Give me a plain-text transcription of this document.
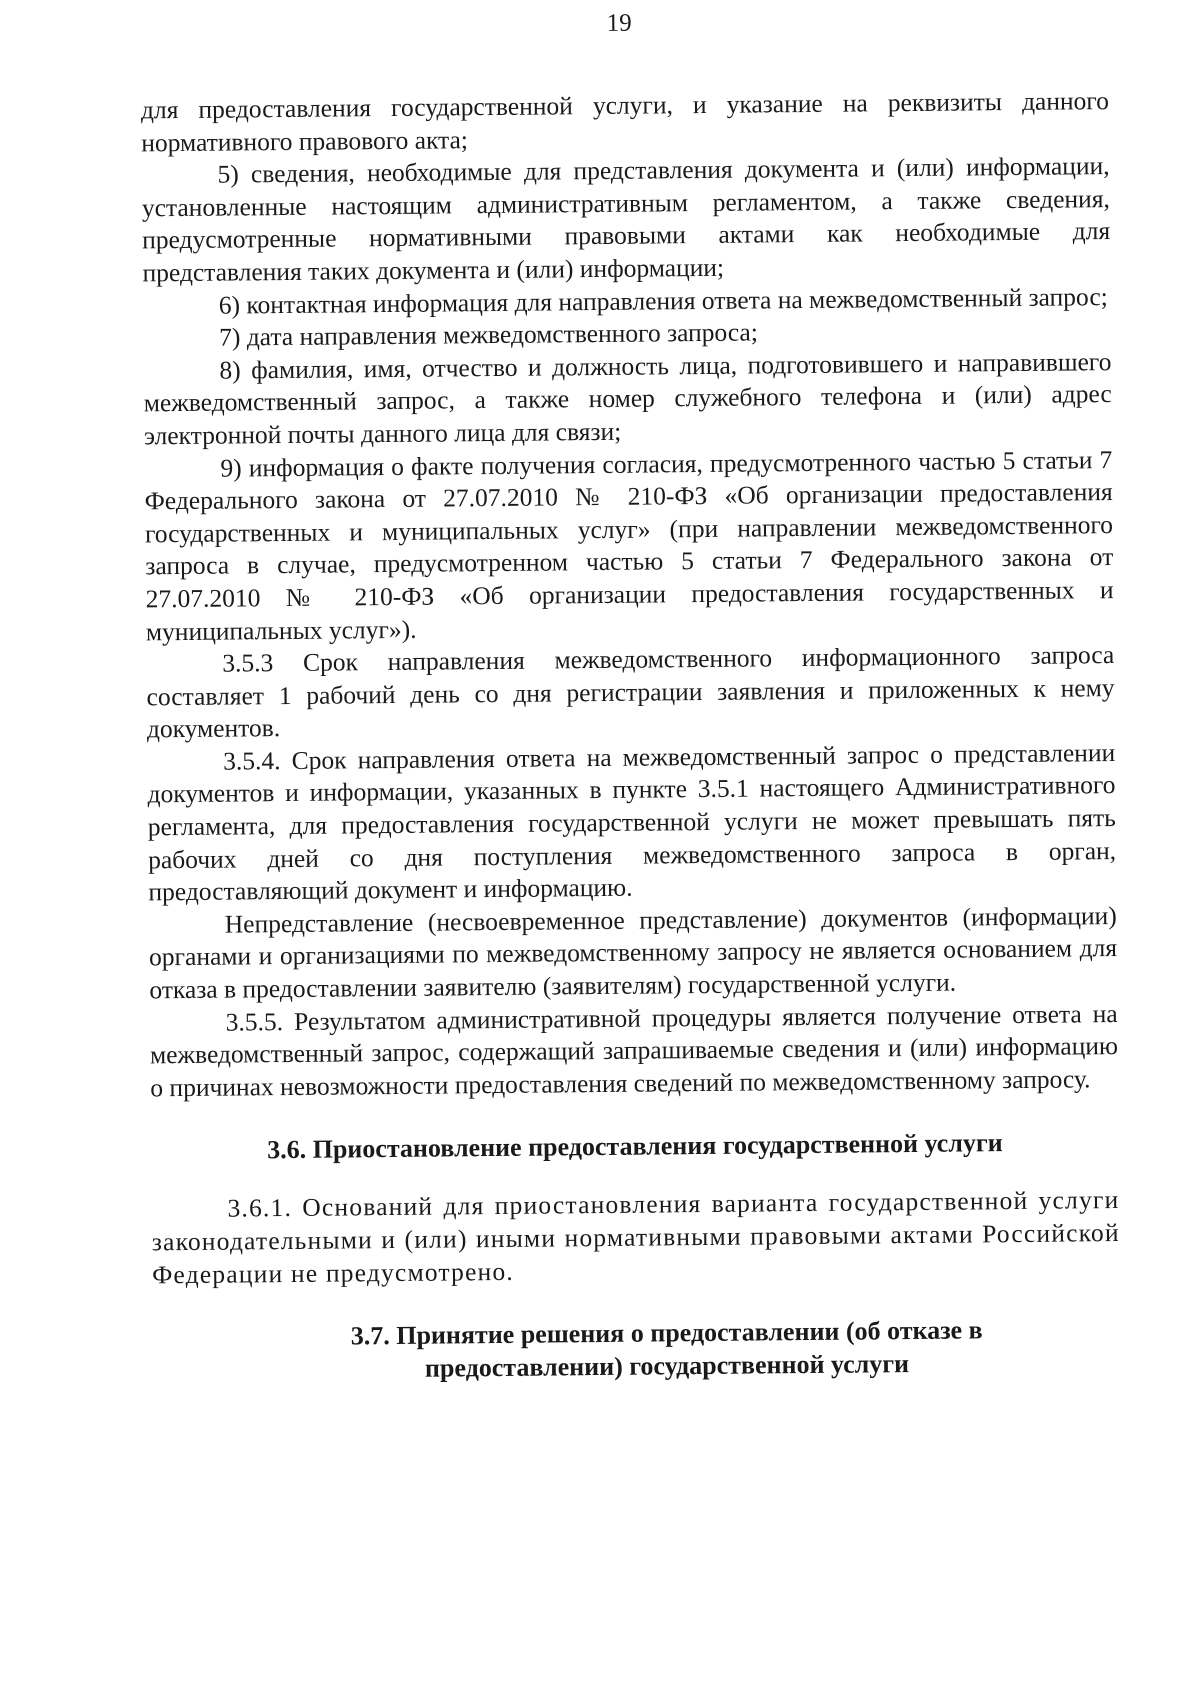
19

для предоставления государственной услуги, и указание на реквизиты данного нормативного правового акта;

5) сведения, необходимые для представления документа и (или) информации, установленные настоящим административным регламентом, а также сведения, предусмотренные нормативными правовыми актами как необходимые для представления таких документа и (или) информации;

6) контактная информация для направления ответа на межведомственный запрос;

7) дата направления межведомственного запроса;

8) фамилия, имя, отчество и должность лица, подготовившего и направившего межведомственный запрос, а также номер служебного телефона и (или) адрес электронной почты данного лица для связи;

9) информация о факте получения согласия, предусмотренного частью 5 статьи 7 Федерального закона от 27.07.2010 № 210-ФЗ «Об организации предоставления государственных и муниципальных услуг» (при направлении межведомственного запроса в случае, предусмотренном частью 5 статьи 7 Федерального закона от 27.07.2010 № 210-ФЗ «Об организации предоставления государственных и муниципальных услуг»).

3.5.3 Срок направления межведомственного информационного запроса составляет 1 рабочий день со дня регистрации заявления и приложенных к нему документов.

3.5.4. Срок направления ответа на межведомственный запрос о представлении документов и информации, указанных в пункте 3.5.1 настоящего Административного регламента, для предоставления государственной услуги не может превышать пять рабочих дней со дня поступления межведомственного запроса в орган, предоставляющий документ и информацию.

Непредставление (несвоевременное представление) документов (информации) органами и организациями по межведомственному запросу не является основанием для отказа в предоставлении заявителю (заявителям) государственной услуги.

3.5.5. Результатом административной процедуры является получение ответа на межведомственный запрос, содержащий запрашиваемые сведения и (или) информацию о причинах невозможности предоставления сведений по межведомственному запросу.

3.6. Приостановление предоставления государственной услуги

3.6.1. Оснований для приостановления варианта государственной услуги законодательными и (или) иными нормативными правовыми актами Российской Федерации не предусмотрено.

3.7. Принятие решения о предоставлении (об отказе в
предоставлении) государственной услуги
